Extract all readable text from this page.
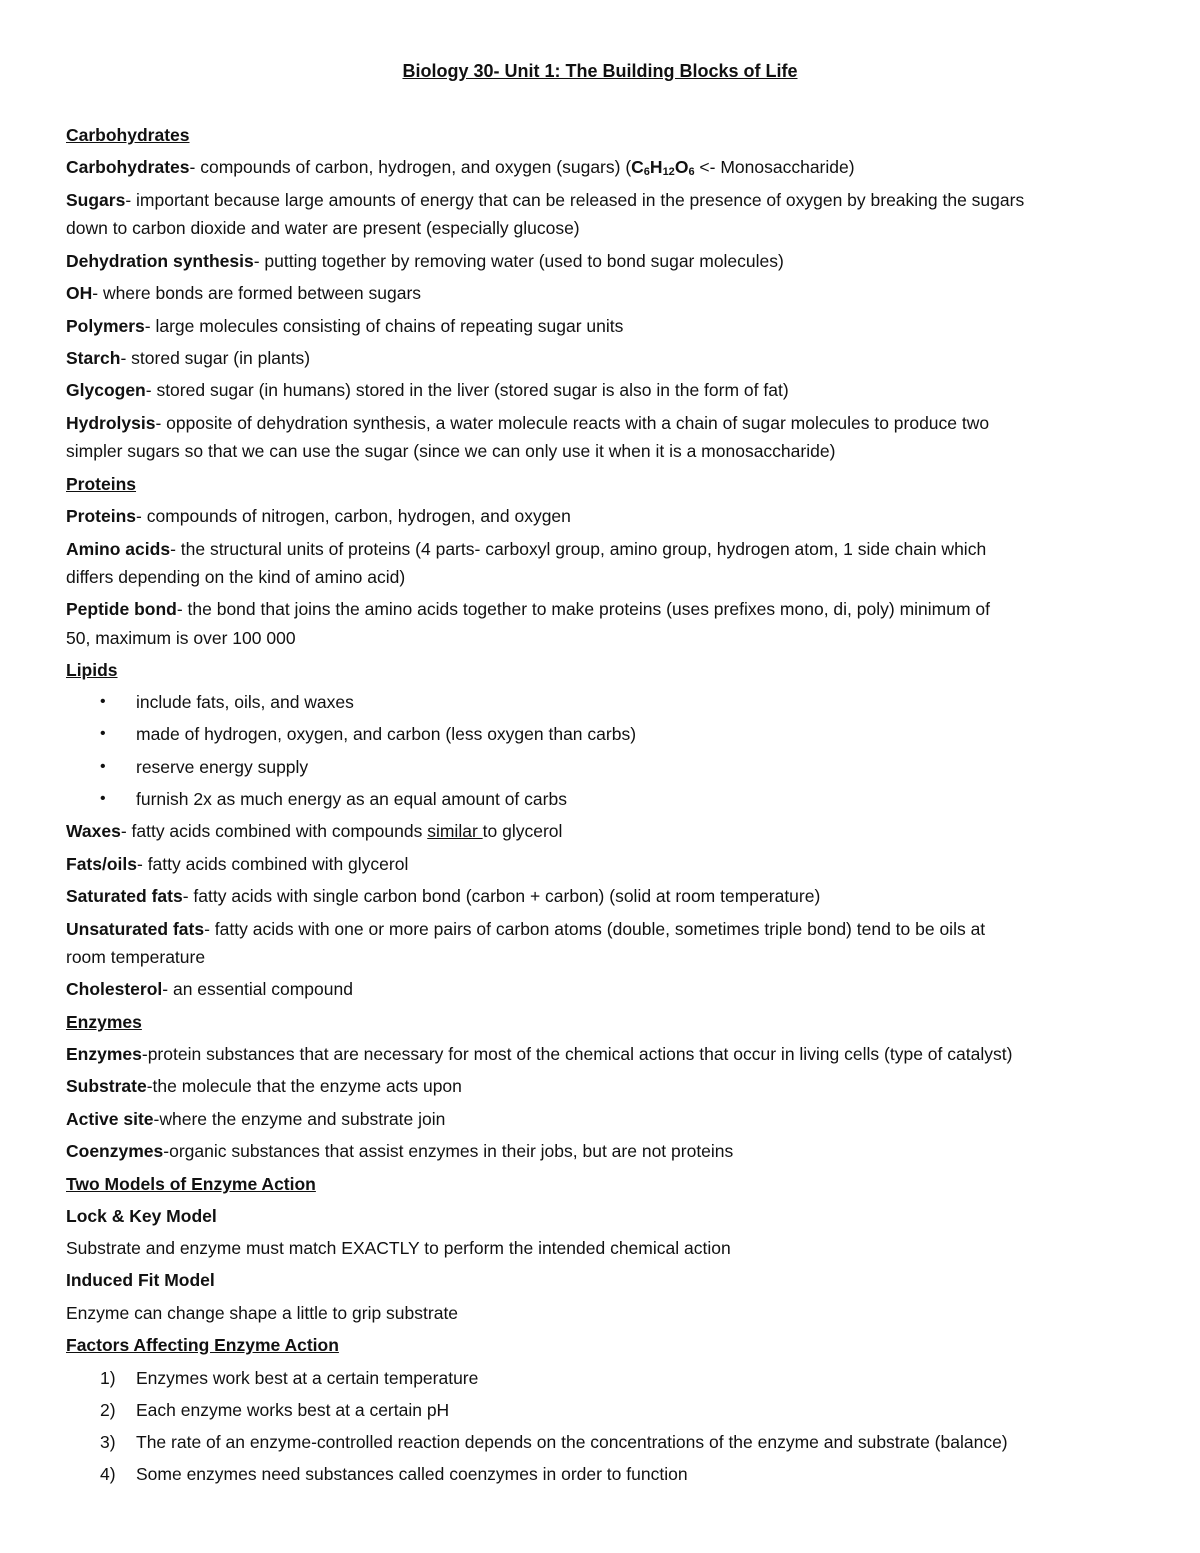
Biology 30- Unit 1: The Building Blocks of Life
Carbohydrates
Carbohydrates- compounds of carbon, hydrogen, and oxygen (sugars) ($C_6H_{12}O_6$ <- Monosaccharide)
Sugars- important because large amounts of energy that can be released in the presence of oxygen by breaking the sugars
down to carbon dioxide and water are present (especially glucose)
Dehydration synthesis- putting together by removing water (used to bond sugar molecules)
OH- where bonds are formed between sugars
Polymers- large molecules consisting of chains of repeating sugar units
Starch- stored sugar (in plants)
Glycogen- stored sugar (in humans) stored in the liver (stored sugar is also in the form of fat)
Hydrolysis- opposite of dehydration synthesis, a water molecule reacts with a chain of sugar molecules to produce two
simpler sugars so that we can use the sugar (since we can only use it when it is a monosaccharide)
Proteins
Proteins- compounds of nitrogen, carbon, hydrogen, and oxygen
Amino acids- the structural units of proteins (4 parts- carboxyl group, amino group, hydrogen atom, 1 side chain which
differs depending on the kind of amino acid)
Peptide bond- the bond that joins the amino acids together to make proteins (uses prefixes mono, di, poly) minimum of
50, maximum is over 100 000
Lipids
• include fats, oils, and waxes
• made of hydrogen, oxygen, and carbon (less oxygen than carbs)
• reserve energy supply
• furnish 2x as much energy as an equal amount of carbs
Waxes- fatty acids combined with compounds similar to glycerol
Fats/oils- fatty acids combined with glycerol
Saturated fats- fatty acids with single carbon bond (carbon + carbon) (solid at room temperature)
Unsaturated fats- fatty acids with one or more pairs of carbon atoms (double, sometimes triple bond) tend to be oils at
room temperature
Cholesterol- an essential compound
Enzymes
Enzymes-protein substances that are necessary for most of the chemical actions that occur in living cells (type of catalyst)
Substrate-the molecule that the enzyme acts upon
Active site-where the enzyme and substrate join
Coenzymes-organic substances that assist enzymes in their jobs, but are not proteins
Two Models of Enzyme Action
Lock & Key Model
Substrate and enzyme must match EXACTLY to perform the intended chemical action
Induced Fit Model
Enzyme can change shape a little to grip substrate
Factors Affecting Enzyme Action
1)	Enzymes work best at a certain temperature
2)	Each enzyme works best at a certain pH
3)	The rate of an enzyme-controlled reaction depends on the concentrations of the enzyme and substrate (balance)
4)	Some enzymes need substances called coenzymes in order to function
